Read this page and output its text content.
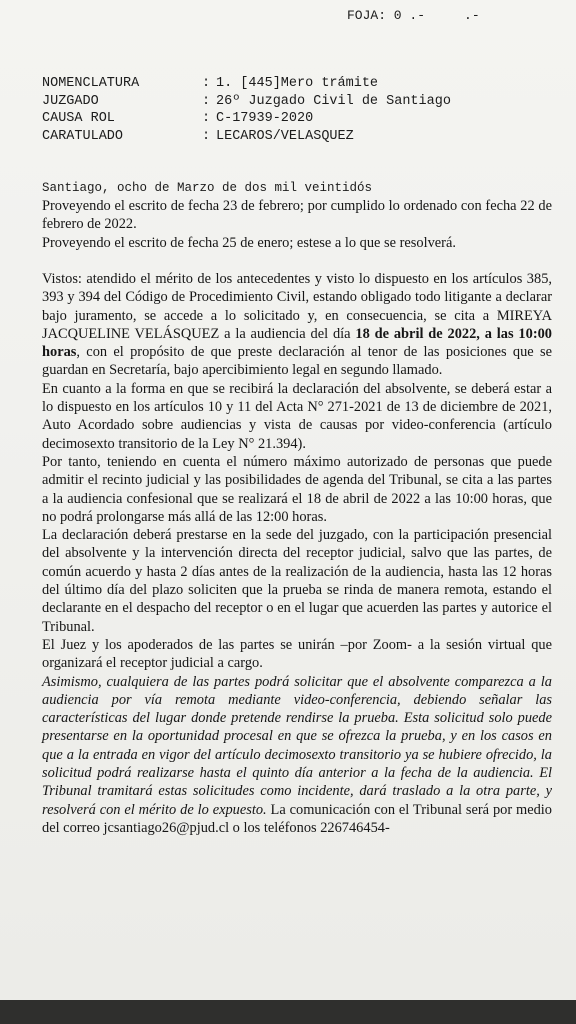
FOJA: 0 .-     .-
NOMENCLATURA	: 1. [445]Mero trámite
JUZGADO	: 26º Juzgado Civil de Santiago
CAUSA ROL	: C-17939-2020
CARATULADO	: LECAROS/VELASQUEZ
Santiago, ocho de Marzo de dos mil veintidós

Proveyendo el escrito de fecha 23 de febrero; por cumplido lo ordenado con fecha 22 de febrero de 2022.

Proveyendo el escrito de fecha 25 de enero; estese a lo que se resolverá.

Vistos: atendido el mérito de los antecedentes y visto lo dispuesto en los artículos 385, 393 y 394 del Código de Procedimiento Civil, estando obligado todo litigante a declarar bajo juramento, se accede a lo solicitado y, en consecuencia, se cita a MIREYA JACQUELINE VELÁSQUEZ a la audiencia del día 18 de abril de 2022, a las 10:00 horas, con el propósito de que preste declaración al tenor de las posiciones que se guardan en Secretaría, bajo apercibimiento legal en segundo llamado.

En cuanto a la forma en que se recibirá la declaración del absolvente, se deberá estar a lo dispuesto en los artículos 10 y 11 del Acta N° 271-2021 de 13 de diciembre de 2021, Auto Acordado sobre audiencias y vista de causas por video-conferencia (artículo decimosexto transitorio de la Ley N° 21.394).

Por tanto, teniendo en cuenta el número máximo autorizado de personas que puede admitir el recinto judicial y las posibilidades de agenda del Tribunal, se cita a las partes a la audiencia confesional que se realizará el 18 de abril de 2022 a las 10:00 horas, que no podrá prolongarse más allá de las 12:00 horas.

La declaración deberá prestarse en la sede del juzgado, con la participación presencial del absolvente y la intervención directa del receptor judicial, salvo que las partes, de común acuerdo y hasta 2 días antes de la realización de la audiencia, hasta las 12 horas del último día del plazo soliciten que la prueba se rinda de manera remota, estando el declarante en el despacho del receptor o en el lugar que acuerden las partes y autorice el Tribunal.

El Juez y los apoderados de las partes se unirán –por Zoom- a la sesión virtual que organizará el receptor judicial a cargo.

Asimismo, cualquiera de las partes podrá solicitar que el absolvente comparezca a la audiencia por vía remota mediante video-conferencia, debiendo señalar las características del lugar donde pretende rendirse la prueba. Esta solicitud solo puede presentarse en la oportunidad procesal en que se ofrezca la prueba, y en los casos en que a la entrada en vigor del artículo decimosexto transitorio ya se hubiere ofrecido, la solicitud podrá realizarse hasta el quinto día anterior a la fecha de la audiencia. El Tribunal tramitará estas solicitudes como incidente, dará traslado a la otra parte, y resolverá con el mérito de lo expuesto. La comunicación con el Tribunal será por medio del correo jcsantiago26@pjud.cl o los teléfonos 226746454-
